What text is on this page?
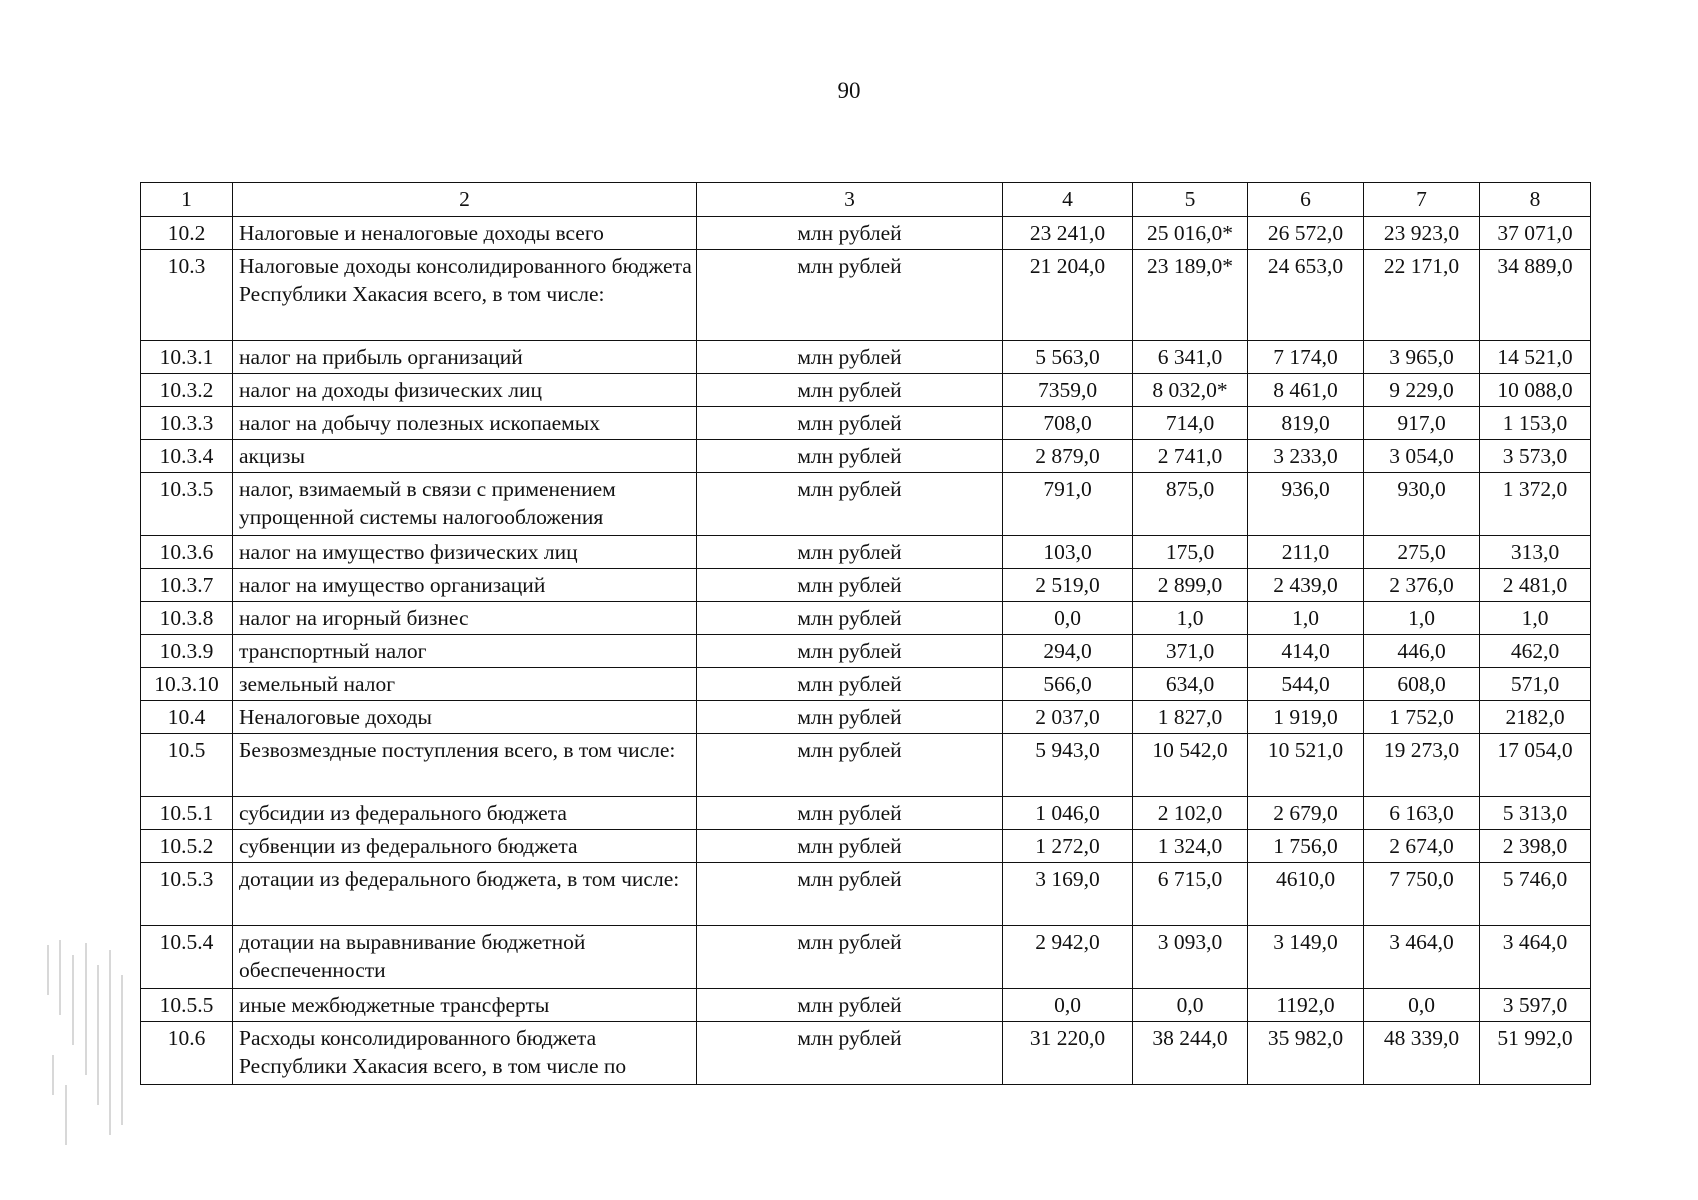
90
1	2	3	4	5	6	7	8
10.2	Налоговые и неналоговые доходы всего	млн рублей	23 241,0	25 016,0*	26 572,0	23 923,0	37 071,0
10.3	Налоговые доходы консолидированного бюджета Республики Хакасия всего, в том числе:	млн рублей	21 204,0	23 189,0*	24 653,0	22 171,0	34 889,0
10.3.1	налог на прибыль организаций	млн рублей	5 563,0	6 341,0	7 174,0	3 965,0	14 521,0
10.3.2	налог на доходы физических лиц	млн рублей	7359,0	8 032,0*	8 461,0	9 229,0	10 088,0
10.3.3	налог на добычу полезных ископаемых	млн рублей	708,0	714,0	819,0	917,0	1 153,0
10.3.4	акцизы	млн рублей	2 879,0	2 741,0	3 233,0	3 054,0	3 573,0
10.3.5	налог, взимаемый в связи с применением упрощенной системы налогообложения	млн рублей	791,0	875,0	936,0	930,0	1 372,0
10.3.6	налог на имущество физических лиц	млн рублей	103,0	175,0	211,0	275,0	313,0
10.3.7	налог на имущество организаций	млн рублей	2 519,0	2 899,0	2 439,0	2 376,0	2 481,0
10.3.8	налог на игорный бизнес	млн рублей	0,0	1,0	1,0	1,0	1,0
10.3.9	транспортный налог	млн рублей	294,0	371,0	414,0	446,0	462,0
10.3.10	земельный налог	млн рублей	566,0	634,0	544,0	608,0	571,0
10.4	Неналоговые доходы	млн рублей	2 037,0	1 827,0	1 919,0	1 752,0	2182,0
10.5	Безвозмездные поступления всего, в том числе:	млн рублей	5 943,0	10 542,0	10 521,0	19 273,0	17 054,0
10.5.1	субсидии из федерального бюджета	млн рублей	1 046,0	2 102,0	2 679,0	6 163,0	5 313,0
10.5.2	субвенции из федерального бюджета	млн рублей	1 272,0	1 324,0	1 756,0	2 674,0	2 398,0
10.5.3	дотации из федерального бюджета, в том числе:	млн рублей	3 169,0	6 715,0	4610,0	7 750,0	5 746,0
10.5.4	дотации на выравнивание бюджетной обеспеченности	млн рублей	2 942,0	3 093,0	3 149,0	3 464,0	3 464,0
10.5.5	иные межбюджетные трансферты	млн рублей	0,0	0,0	1192,0	0,0	3 597,0
10.6	Расходы консолидированного бюджета Республики Хакасия всего, в том числе по	млн рублей	31 220,0	38 244,0	35 982,0	48 339,0	51 992,0
